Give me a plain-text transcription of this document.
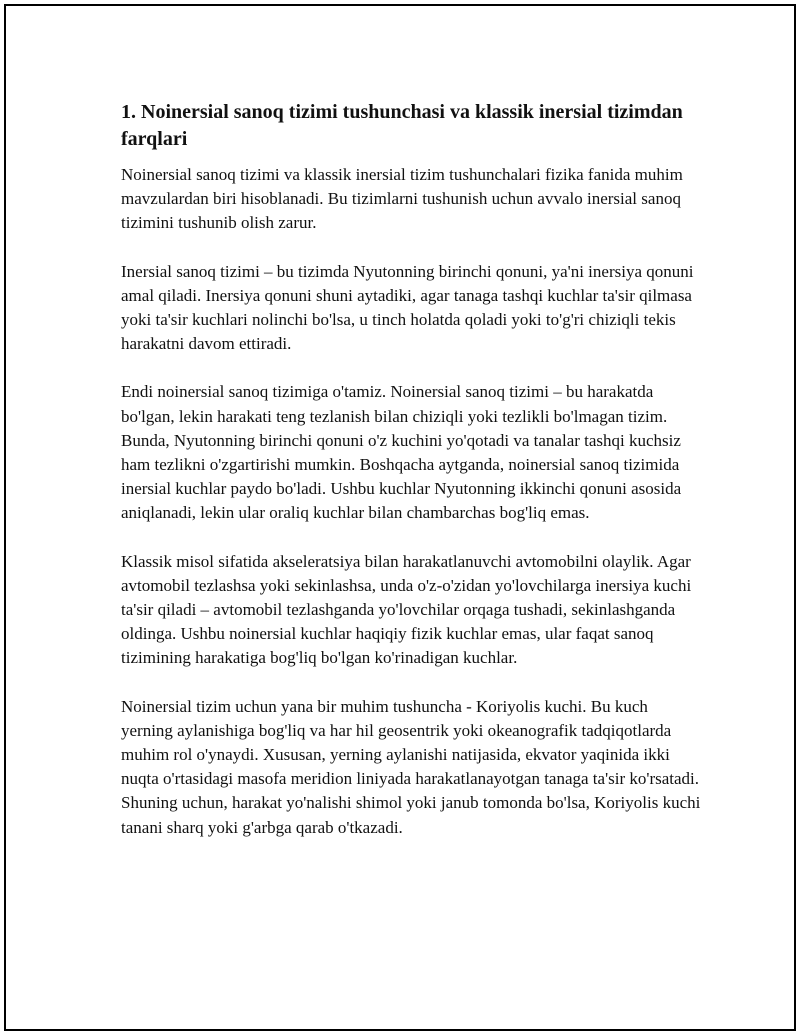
1. Noinersial sanoq tizimi tushunchasi va klassik inersial tizimdan farqlari

Noinersial sanoq tizimi va klassik inersial tizim tushunchalari fizika fanida muhim mavzulardan biri hisoblanadi. Bu tizimlarni tushunish uchun avvalo inersial sanoq tizimini tushunib olish zarur.

Inersial sanoq tizimi – bu tizimda Nyutonning birinchi qonuni, ya'ni inersiya qonuni amal qiladi. Inersiya qonuni shuni aytadiki, agar tanaga tashqi kuchlar ta'sir qilmasa yoki ta'sir kuchlari nolinchi bo'lsa, u tinch holatda qoladi yoki to'g'ri chiziqli tekis harakatni davom ettiradi.

Endi noinersial sanoq tizimiga o'tamiz. Noinersial sanoq tizimi – bu harakatda bo'lgan, lekin harakati teng tezlanish bilan chiziqli yoki tezlikli bo'lmagan tizim. Bunda, Nyutonning birinchi qonuni o'z kuchini yo'qotadi va tanalar tashqi kuchsiz ham tezlikni o'zgartirishi mumkin. Boshqacha aytganda, noinersial sanoq tizimida inersial kuchlar paydo bo'ladi. Ushbu kuchlar Nyutonning ikkinchi qonuni asosida aniqlanadi, lekin ular oraliq kuchlar bilan chambarchas bog'liq emas.

Klassik misol sifatida akseleratsiya bilan harakatlanuvchi avtomobilni olaylik. Agar avtomobil tezlashsa yoki sekinlashsa, unda o'z-o'zidan yo'lovchilarga inersiya kuchi ta'sir qiladi – avtomobil tezlashganda yo'lovchilar orqaga tushadi, sekinlashganda oldinga. Ushbu noinersial kuchlar haqiqiy fizik kuchlar emas, ular faqat sanoq tizimining harakatiga bog'liq bo'lgan ko'rinadigan kuchlar.

Noinersial tizim uchun yana bir muhim tushuncha - Koriyolis kuchi. Bu kuch yerning aylanishiga bog'liq va har hil geosentrik yoki okeanografik tadqiqotlarda muhim rol o'ynaydi. Xususan, yerning aylanishi natijasida, ekvator yaqinida ikki nuqta o'rtasidagi masofa meridion liniyada harakatlanayotgan tanaga ta'sir ko'rsatadi. Shuning uchun, harakat yo'nalishi shimol yoki janub tomonda bo'lsa, Koriyolis kuchi tanani sharq yoki g'arbga qarab o'tkazadi.
